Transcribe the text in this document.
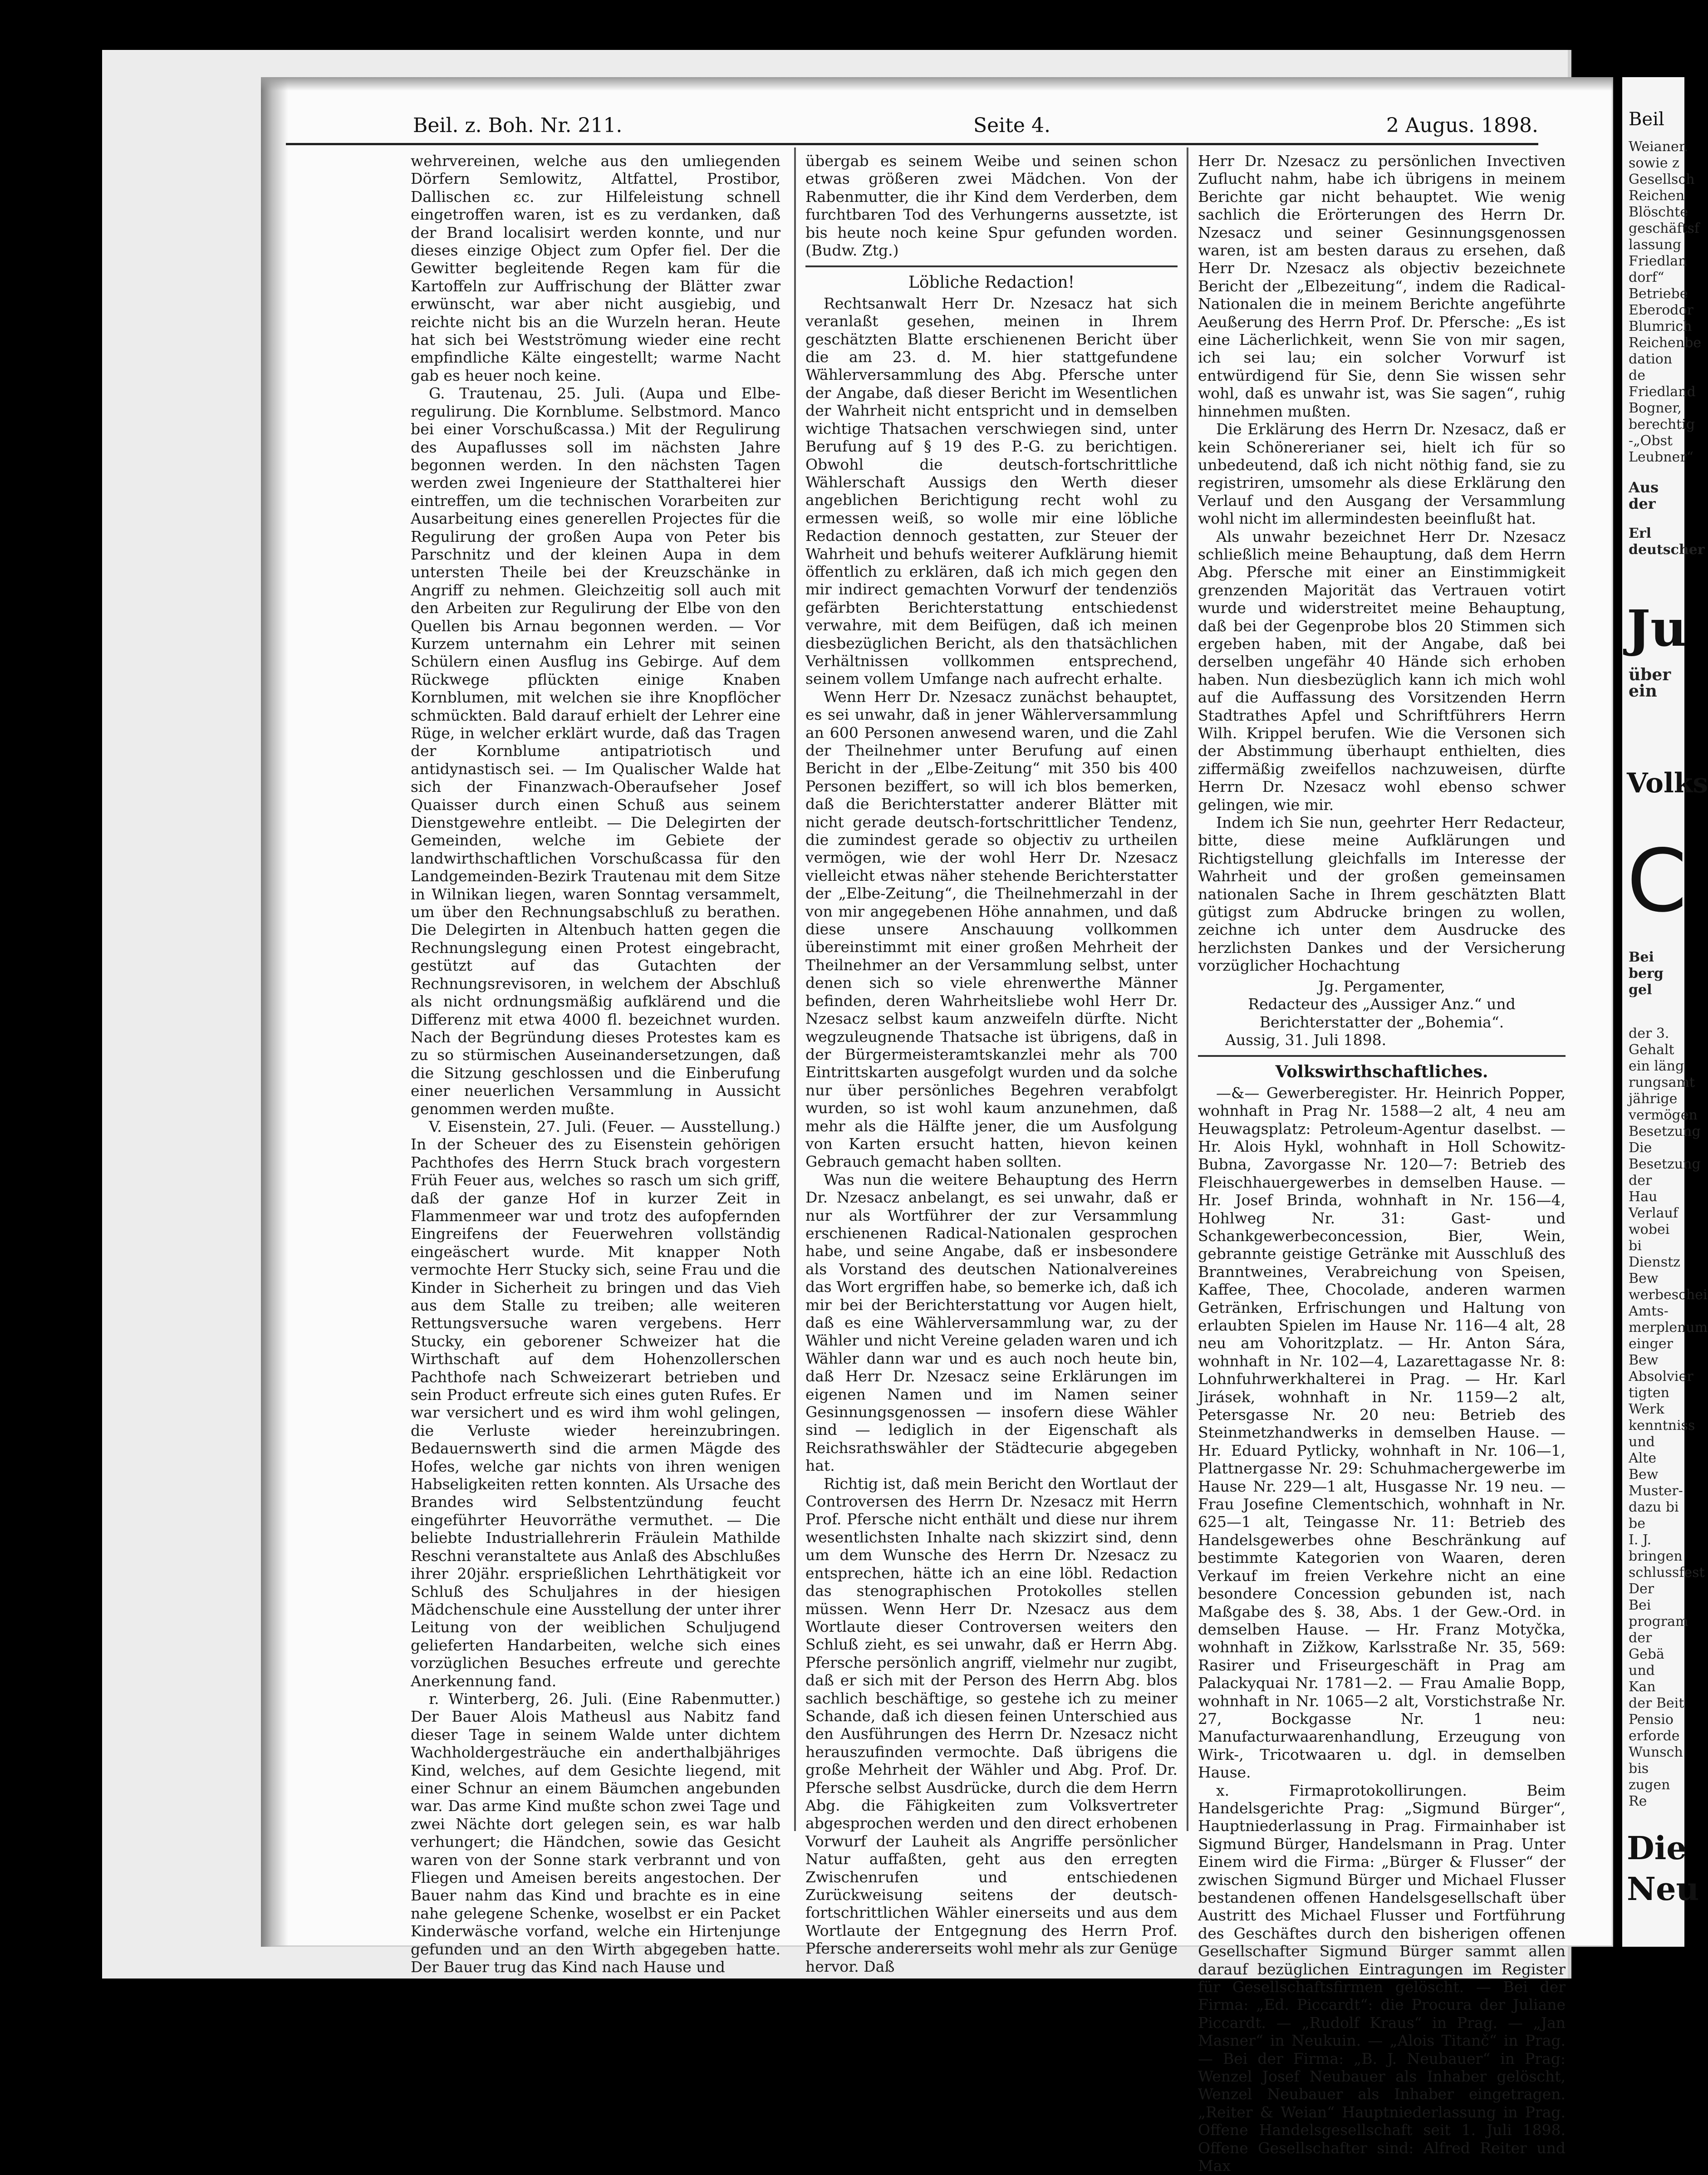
Beil. z. Boh. Nr. 211.	Seite 4.	2 Augus. 1898.

wehrvereinen, welche aus den umliegenden Dörfern Semlowitz, Altfattel, Prostibor, Dallischen ɛc. zur Hilfeleistung schnell eingetroffen waren, ist es zu verdanken, daß der Brand localisirt werden konnte, und nur dieses einzige Object zum Opfer fiel. Der die Gewitter begleitende Regen kam für die Kartoffeln zur Auffrischung der Blätter zwar erwünscht, war aber nicht ausgiebig, und reichte nicht bis an die Wurzeln heran. Heute hat sich bei Westströmung wieder eine recht empfindliche Kälte eingestellt; warme Nacht gab es heuer noch keine.

G. Trautenau, 25. Juli. (Aupa und Elbe-regulirung. Die Kornblume. Selbstmord. Manco bei einer Vorschußcassa.) Mit der Regulirung des Aupaflusses soll im nächsten Jahre begonnen werden. In den nächsten Tagen werden zwei Ingenieure der Statthalterei hier eintreffen, um die technischen Vorarbeiten zur Ausarbeitung eines generellen Projectes für die Regulirung der großen Aupa von Peter bis Parschnitz und der kleinen Aupa in dem untersten Theile bei der Kreuzschänke in Angriff zu nehmen. Gleichzeitig soll auch mit den Arbeiten zur Regulirung der Elbe von den Quellen bis Arnau begonnen werden. — Vor Kurzem unternahm ein Lehrer mit seinen Schülern einen Ausflug ins Gebirge. Auf dem Rückwege pflückten einige Knaben Kornblumen, mit welchen sie ihre Knopflöcher schmückten. Bald darauf erhielt der Lehrer eine Rüge, in welcher erklärt wurde, daß das Tragen der Kornblume antipatriotisch und antidynastisch sei. — Im Qualischer Walde hat sich der Finanzwach-Oberaufseher Josef Quaisser durch einen Schuß aus seinem Dienstgewehre entleibt. — Die Delegirten der Gemeinden, welche im Gebiete der landwirthschaftlichen Vorschußcassa für den Landgemeinden-Bezirk Trautenau mit dem Sitze in Wilnikan liegen, waren Sonntag versammelt, um über den Rechnungsabschluß zu berathen. Die Delegirten in Altenbuch hatten gegen die Rechnungslegung einen Protest eingebracht, gestützt auf das Gutachten der Rechnungsrevisoren, in welchem der Abschluß als nicht ordnungsmäßig aufklärend und die Differenz mit etwa 4000 fl. bezeichnet wurden. Nach der Begründung dieses Protestes kam es zu so stürmischen Auseinandersetzungen, daß die Sitzung geschlossen und die Einberufung einer neuerlichen Versammlung in Aussicht genommen werden mußte.

V. Eisenstein, 27. Juli. (Feuer. — Ausstellung.) In der Scheuer des zu Eisenstein gehörigen Pachthofes des Herrn Stuck brach vorgestern Früh Feuer aus, welches so rasch um sich griff, daß der ganze Hof in kurzer Zeit in Flammenmeer war und trotz des aufopfernden Eingreifens der Feuerwehren vollständig eingeäschert wurde. Mit knapper Noth vermochte Herr Stucky sich, seine Frau und die Kinder in Sicherheit zu bringen und das Vieh aus dem Stalle zu treiben; alle weiteren Rettungsversuche waren vergebens. Herr Stucky, ein geborener Schweizer hat die Wirthschaft auf dem Hohenzollerschen Pachthofe nach Schweizerart betrieben und sein Product erfreute sich eines guten Rufes. Er war versichert und es wird ihm wohl gelingen, die Verluste wieder hereinzubringen. Bedauernswerth sind die armen Mägde des Hofes, welche gar nichts von ihren wenigen Habseligkeiten retten konnten. Als Ursache des Brandes wird Selbstentzündung feucht eingeführter Heuvorräthe vermuthet. — Die beliebte Industriallehrerin Fräulein Mathilde Reschni veranstaltete aus Anlaß des Abschlußes ihrer 20jähr. ersprießlichen Lehrthätigkeit vor Schluß des Schuljahres in der hiesigen Mädchenschule eine Ausstellung der unter ihrer Leitung von der weiblichen Schuljugend gelieferten Handarbeiten, welche sich eines vorzüglichen Besuches erfreute und gerechte Anerkennung fand.

r. Winterberg, 26. Juli. (Eine Rabenmutter.) Der Bauer Alois Matheusl aus Nabitz fand dieser Tage in seinem Walde unter dichtem Wachholdergesträuche ein anderthalbjähriges Kind, welches, auf dem Gesichte liegend, mit einer Schnur an einem Bäumchen angebunden war. Das arme Kind mußte schon zwei Tage und zwei Nächte dort gelegen sein, es war halb verhungert; die Händchen, sowie das Gesicht waren von der Sonne stark verbrannt und von Fliegen und Ameisen bereits angestochen. Der Bauer nahm das Kind und brachte es in eine nahe gelegene Schenke, woselbst er ein Packet Kinderwäsche vorfand, welche ein Hirtenjunge gefunden und an den Wirth abgegeben hatte. Der Bauer trug das Kind nach Hause und

übergab es seinem Weibe und seinen schon etwas größeren zwei Mädchen. Von der Rabenmutter, die ihr Kind dem Verderben, dem furchtbaren Tod des Verhungerns aussetzte, ist bis heute noch keine Spur gefunden worden. (Budw. Ztg.)

Löbliche Redaction!

Rechtsanwalt Herr Dr. Nzesacz hat sich veranlaßt gesehen, meinen in Ihrem geschätzten Blatte erschienenen Bericht über die am 23. d. M. hier stattgefundene Wählerversammlung des Abg. Pfersche unter der Angabe, daß dieser Bericht im Wesentlichen der Wahrheit nicht entspricht und in demselben wichtige Thatsachen verschwiegen sind, unter Berufung auf § 19 des P.-G. zu berichtigen. Obwohl die deutsch-fortschrittliche Wählerschaft Aussigs den Werth dieser angeblichen Berichtigung recht wohl zu ermessen weiß, so wolle mir eine löbliche Redaction dennoch gestatten, zur Steuer der Wahrheit und behufs weiterer Aufklärung hiemit öffentlich zu erklären, daß ich mich gegen den mir indirect gemachten Vorwurf der tendenziös gefärbten Berichterstattung entschiedenst verwahre, mit dem Beifügen, daß ich meinen diesbezüglichen Bericht, als den thatsächlichen Verhältnissen vollkommen entsprechend, seinem vollem Umfange nach aufrecht erhalte.

Wenn Herr Dr. Nzesacz zunächst behauptet, es sei unwahr, daß in jener Wählerversammlung an 600 Personen anwesend waren, und die Zahl der Theilnehmer unter Berufung auf einen Bericht in der „Elbe-Zeitung“ mit 350 bis 400 Personen beziffert, so will ich blos bemerken, daß die Berichterstatter anderer Blätter mit nicht gerade deutsch-fortschrittlicher Tendenz, die zumindest gerade so objectiv zu urtheilen vermögen, wie der wohl Herr Dr. Nzesacz vielleicht etwas näher stehende Berichterstatter der „Elbe-Zeitung“, die Theilnehmerzahl in der von mir angegebenen Höhe annahmen, und daß diese unsere Anschauung vollkommen übereinstimmt mit einer großen Mehrheit der Theilnehmer an der Versammlung selbst, unter denen sich so viele ehrenwerthe Männer befinden, deren Wahrheitsliebe wohl Herr Dr. Nzesacz selbst kaum anzweifeln dürfte. Nicht wegzuleugnende Thatsache ist übrigens, daß in der Bürgermeisteramtskanzlei mehr als 700 Eintrittskarten ausgefolgt wurden und da solche nur über persönliches Begehren verabfolgt wurden, so ist wohl kaum anzunehmen, daß mehr als die Hälfte jener, die um Ausfolgung von Karten ersucht hatten, hievon keinen Gebrauch gemacht haben sollten.

Was nun die weitere Behauptung des Herrn Dr. Nzesacz anbelangt, es sei unwahr, daß er nur als Wortführer der zur Versammlung erschienenen Radical-Nationalen gesprochen habe, und seine Angabe, daß er insbesondere als Vorstand des deutschen Nationalvereines das Wort ergriffen habe, so bemerke ich, daß ich mir bei der Berichterstattung vor Augen hielt, daß es eine Wählerversammlung war, zu der Wähler und nicht Vereine geladen waren und ich Wähler dann war und es auch noch heute bin, daß Herr Dr. Nzesacz seine Erklärungen im eigenen Namen und im Namen seiner Gesinnungsgenossen — insofern diese Wähler sind — lediglich in der Eigenschaft als Reichsrathswähler der Städtecurie abgegeben hat.

Richtig ist, daß mein Bericht den Wortlaut der Controversen des Herrn Dr. Nzesacz mit Herrn Prof. Pfersche nicht enthält und diese nur ihrem wesentlichsten Inhalte nach skizzirt sind, denn um dem Wunsche des Herrn Dr. Nzesacz zu entsprechen, hätte ich an eine löbl. Redaction das stenographischen Protokolles stellen müssen. Wenn Herr Dr. Nzesacz aus dem Wortlaute dieser Controversen weiters den Schluß zieht, es sei unwahr, daß er Herrn Abg. Pfersche persönlich angriff, vielmehr nur zugibt, daß er sich mit der Person des Herrn Abg. blos sachlich beschäftige, so gestehe ich zu meiner Schande, daß ich diesen feinen Unterschied aus den Ausführungen des Herrn Dr. Nzesacz nicht herauszufinden vermochte. Daß übrigens die große Mehrheit der Wähler und Abg. Prof. Dr. Pfersche selbst Ausdrücke, durch die dem Herrn Abg. die Fähigkeiten zum Volksvertreter abgesprochen werden und den direct erhobenen Vorwurf der Lauheit als Angriffe persönlicher Natur auffaßten, geht aus den erregten Zwischenrufen und entschiedenen Zurückweisung seitens der deutsch-fortschrittlichen Wähler einerseits und aus dem Wortlaute der Entgegnung des Herrn Prof. Pfersche andererseits wohl mehr als zur Genüge hervor. Daß

Herr Dr. Nzesacz zu persönlichen Invectiven Zuflucht nahm, habe ich übrigens in meinem Berichte gar nicht behauptet. Wie wenig sachlich die Erörterungen des Herrn Dr. Nzesacz und seiner Gesinnungsgenossen waren, ist am besten daraus zu ersehen, daß Herr Dr. Nzesacz als objectiv bezeichnete Bericht der „Elbezeitung“, indem die Radical-Nationalen die in meinem Berichte angeführte Aeußerung des Herrn Prof. Dr. Pfersche: „Es ist eine Lächerlichkeit, wenn Sie von mir sagen, ich sei lau; ein solcher Vorwurf ist entwürdigend für Sie, denn Sie wissen sehr wohl, daß es unwahr ist, was Sie sagen“, ruhig hinnehmen mußten.

Die Erklärung des Herrn Dr. Nzesacz, daß er kein Schönererianer sei, hielt ich für so unbedeutend, daß ich nicht nöthig fand, sie zu registriren, umsomehr als diese Erklärung den Verlauf und den Ausgang der Versammlung wohl nicht im allermindesten beeinflußt hat.

Als unwahr bezeichnet Herr Dr. Nzesacz schließlich meine Behauptung, daß dem Herrn Abg. Pfersche mit einer an Einstimmigkeit grenzenden Majorität das Vertrauen votirt wurde und widerstreitet meine Behauptung, daß bei der Gegenprobe blos 20 Stimmen sich ergeben haben, mit der Angabe, daß bei derselben ungefähr 40 Hände sich erhoben haben. Nun diesbezüglich kann ich mich wohl auf die Auffassung des Vorsitzenden Herrn Stadtrathes Apfel und Schriftführers Herrn Wilh. Krippel berufen. Wie die Versonen sich der Abstimmung überhaupt enthielten, dies ziffermäßig zweifellos nachzuweisen, dürfte Herrn Dr. Nzesacz wohl ebenso schwer gelingen, wie mir.

Indem ich Sie nun, geehrter Herr Redacteur, bitte, diese meine Aufklärungen und Richtigstellung gleichfalls im Interesse der Wahrheit und der großen gemeinsamen nationalen Sache in Ihrem geschätzten Blatt gütigst zum Abdrucke bringen zu wollen, zeichne ich unter dem Ausdrucke des herzlichsten Dankes und der Versicherung vorzüglicher Hochachtung

Jg. Pergamenter,

Redacteur des „Aussiger Anz.“ und

Berichterstatter der „Bohemia“.

Aussig, 31. Juli 1898.

Volkswirthschaftliches.

—&— Gewerberegister. Hr. Heinrich Popper, wohnhaft in Prag Nr. 1588—2 alt, 4 neu am Heuwagsplatz: Petroleum-Agentur daselbst. — Hr. Alois Hykl, wohnhaft in Holl Schowitz-Bubna, Zavorgasse Nr. 120—7: Betrieb des Fleischhauergewerbes in demselben Hause. — Hr. Josef Brinda, wohnhaft in Nr. 156—4, Hohlweg Nr. 31: Gast- und Schankgewerbeconcession, Bier, Wein, gebrannte geistige Getränke mit Ausschluß des Branntweines, Verabreichung von Speisen, Kaffee, Thee, Chocolade, anderen warmen Getränken, Erfrischungen und Haltung von erlaubten Spielen im Hause Nr. 116—4 alt, 28 neu am Vohoritzplatz. — Hr. Anton Sára, wohnhaft in Nr. 102—4, Lazarettagasse Nr. 8: Lohnfuhrwerkhalterei in Prag. — Hr. Karl Jirásek, wohnhaft in Nr. 1159—2 alt, Petersgasse Nr. 20 neu: Betrieb des Steinmetzhandwerks in demselben Hause. — Hr. Eduard Pytlicky, wohnhaft in Nr. 106—1, Plattnergasse Nr. 29: Schuhmachergewerbe im Hause Nr. 229—1 alt, Husgasse Nr. 19 neu. — Frau Josefine Clementschich, wohnhaft in Nr. 625—1 alt, Teingasse Nr. 11: Betrieb des Handelsgewerbes ohne Beschränkung auf bestimmte Kategorien von Waaren, deren Verkauf im freien Verkehre nicht an eine besondere Concession gebunden ist, nach Maßgabe des §. 38, Abs. 1 der Gew.-Ord. in demselben Hause. — Hr. Franz Motyčka, wohnhaft in Zižkow, Karlsstraße Nr. 35, 569: Rasirer und Friseurgeschäft in Prag am Palackyquai Nr. 1781—2. — Frau Amalie Bopp, wohnhaft in Nr. 1065—2 alt, Vorstichstraße Nr. 27, Bockgasse Nr. 1 neu: Manufacturwaarenhandlung, Erzeugung von Wirk-, Tricotwaaren u. dgl. in demselben Hause.

x. Firmaprotokollirungen. Beim Handelsgerichte Prag: „Sigmund Bürger“, Hauptniederlassung in Prag. Firmainhaber ist Sigmund Bürger, Handelsmann in Prag. Unter Einem wird die Firma: „Bürger & Flusser“ der zwischen Sigmund Bürger und Michael Flusser bestandenen offenen Handelsgesellschaft über Austritt des Michael Flusser und Fortführung des Geschäftes durch den bisherigen offenen Gesellschafter Sigmund Bürger sammt allen darauf bezüglichen Eintragungen im Register für Gesellschaftsfirmen gelöscht. — Bei der Firma: „Ed. Piccardt“: die Procura der Juliane Piccardt. — „Rudolf Kraus“ in Prag. — „Jan Masner“ in Neukuin. — „Alois Titanč“ in Prag. — Bei der Firma: „B. J. Neubauer“ in Prag: Wenzel Josef Neubauer als Inhaber gelöscht, Wenzel Neubauer als Inhaber eingetragen. „Reiter & Weian“ Hauptniederlassung in Prag. Offene Handelsgesellschaft seit 1. Juli 1898. Offene Gesellschafter sind: Alfred Reiter und Max

Beil
Weianer.
sowie z
Gesellsch
Reichen
Blöschte
geschäftsf
lassung
Friedlan
dorf“
Betriebe
Eberodor
Blumrich
Reichenbe
dation de
Friedland
Bogner,
berechtig
-„Obst
Leubner“
Aus der
Erl
deutscher
Ju
über ein
Volks
C
Bei
berg gel
der 3.
Gehalt
ein läng
rungsamt
jährige
vermögen
Besetzung
Die
Besetzung
der Hau
Verlauf
wobei bi
Dienstz
Bew
werbeschei
Amts-
merplenum
einger
Bew
Absolvier
tigten
Werk
kenntniss
und Alte
Bew
Muster-
dazu bi
be
I. J.
bringen
schlussfest
Der
Bei
program
der Gebä
und Kan
der Beit
Pensio
erforde
Wunsch
bis zugen
Re
Die
Neu
